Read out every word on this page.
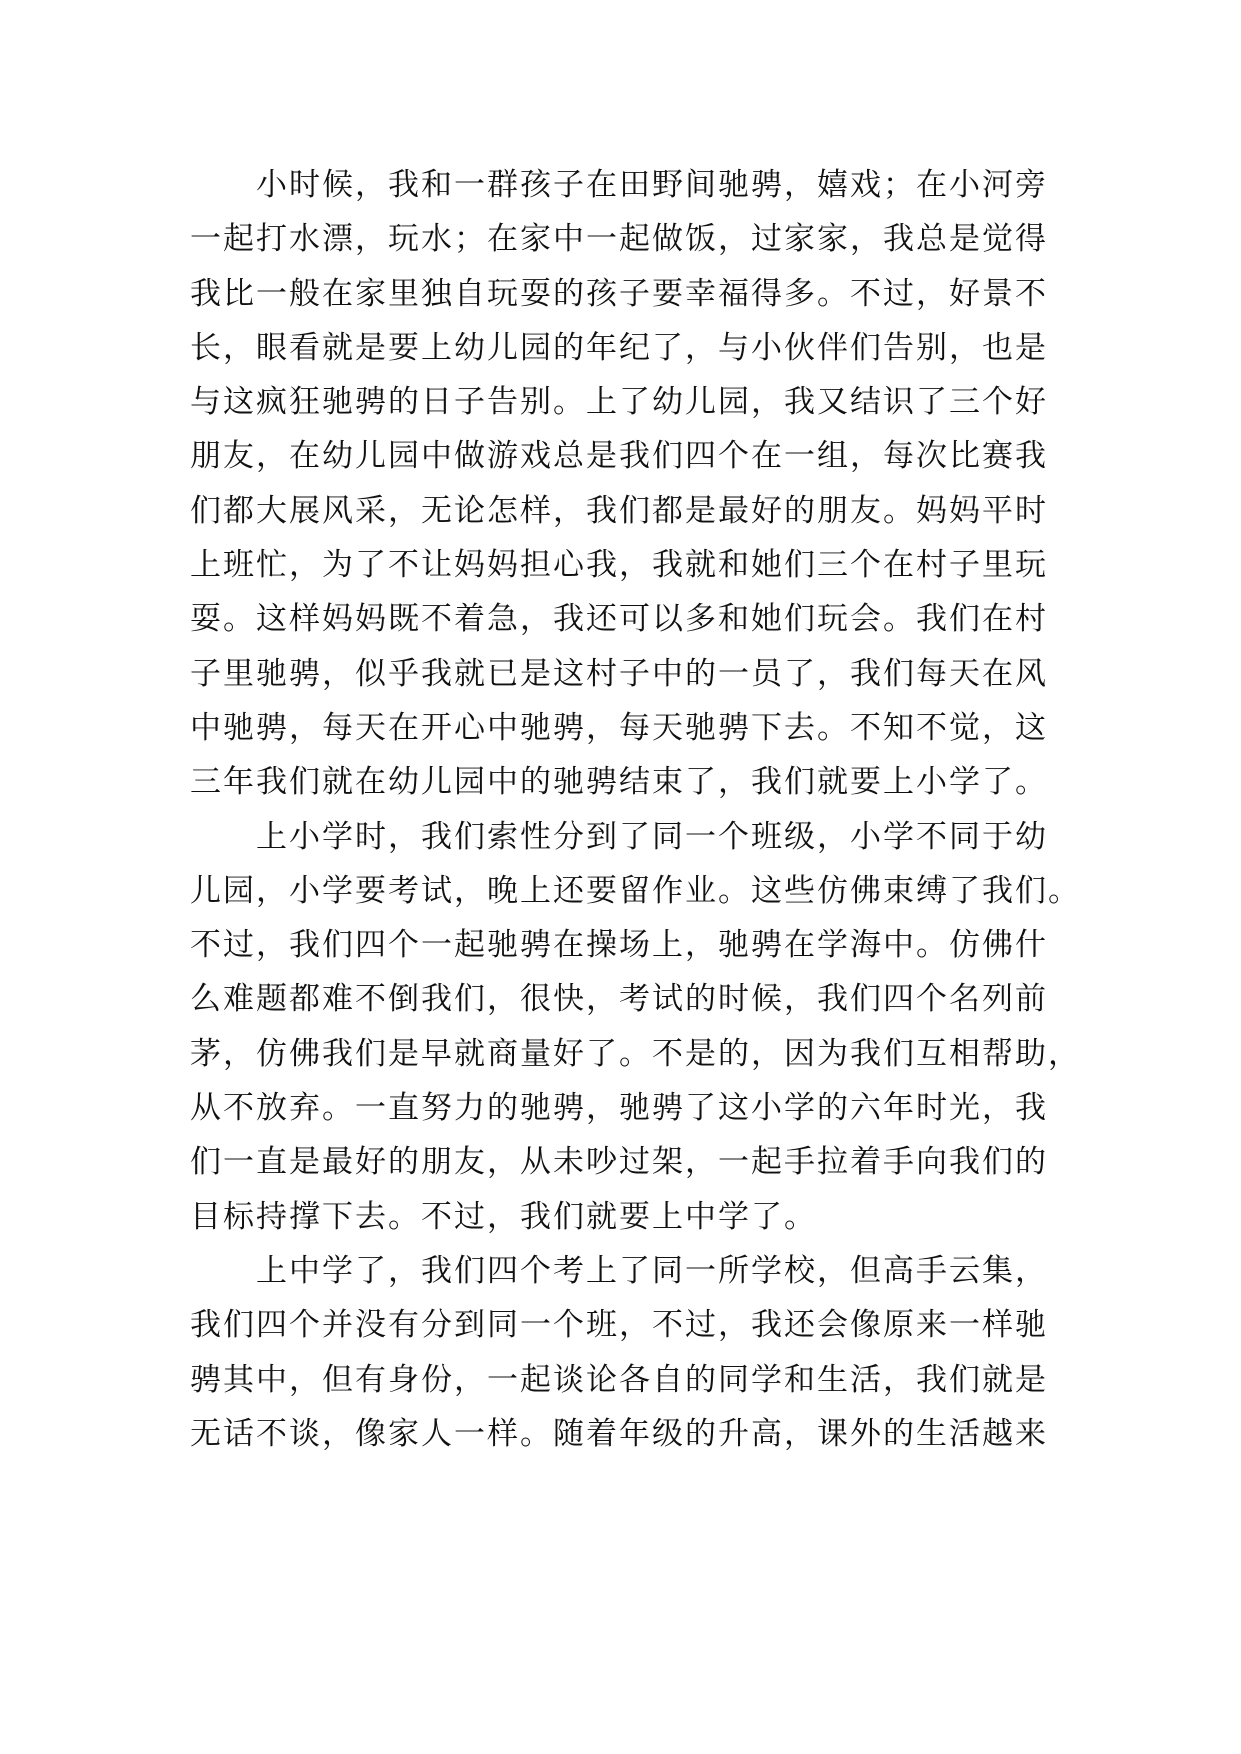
　　小时候，我和一群孩子在田野间驰骋，嬉戏；在小河旁
一起打水漂，玩水；在家中一起做饭，过家家，我总是觉得
我比一般在家里独自玩耍的孩子要幸福得多。不过，好景不
长，眼看就是要上幼儿园的年纪了，与小伙伴们告别，也是
与这疯狂驰骋的日子告别。上了幼儿园，我又结识了三个好
朋友，在幼儿园中做游戏总是我们四个在一组，每次比赛我
们都大展风采，无论怎样，我们都是最好的朋友。妈妈平时
上班忙，为了不让妈妈担心我，我就和她们三个在村子里玩
耍。这样妈妈既不着急，我还可以多和她们玩会。我们在村
子里驰骋，似乎我就已是这村子中的一员了，我们每天在风
中驰骋，每天在开心中驰骋，每天驰骋下去。不知不觉，这
三年我们就在幼儿园中的驰骋结束了，我们就要上小学了。
　　上小学时，我们索性分到了同一个班级，小学不同于幼
儿园，小学要考试，晚上还要留作业。这些仿佛束缚了我们。
不过，我们四个一起驰骋在操场上，驰骋在学海中。仿佛什
么难题都难不倒我们，很快，考试的时候，我们四个名列前
茅，仿佛我们是早就商量好了。不是的，因为我们互相帮助，
从不放弃。一直努力的驰骋，驰骋了这小学的六年时光，我
们一直是最好的朋友，从未吵过架，一起手拉着手向我们的
目标持撑下去。不过，我们就要上中学了。
　　上中学了，我们四个考上了同一所学校，但高手云集，
我们四个并没有分到同一个班，不过，我还会像原来一样驰
骋其中，但有身份，一起谈论各自的同学和生活，我们就是
无话不谈，像家人一样。随着年级的升高，课外的生活越来
